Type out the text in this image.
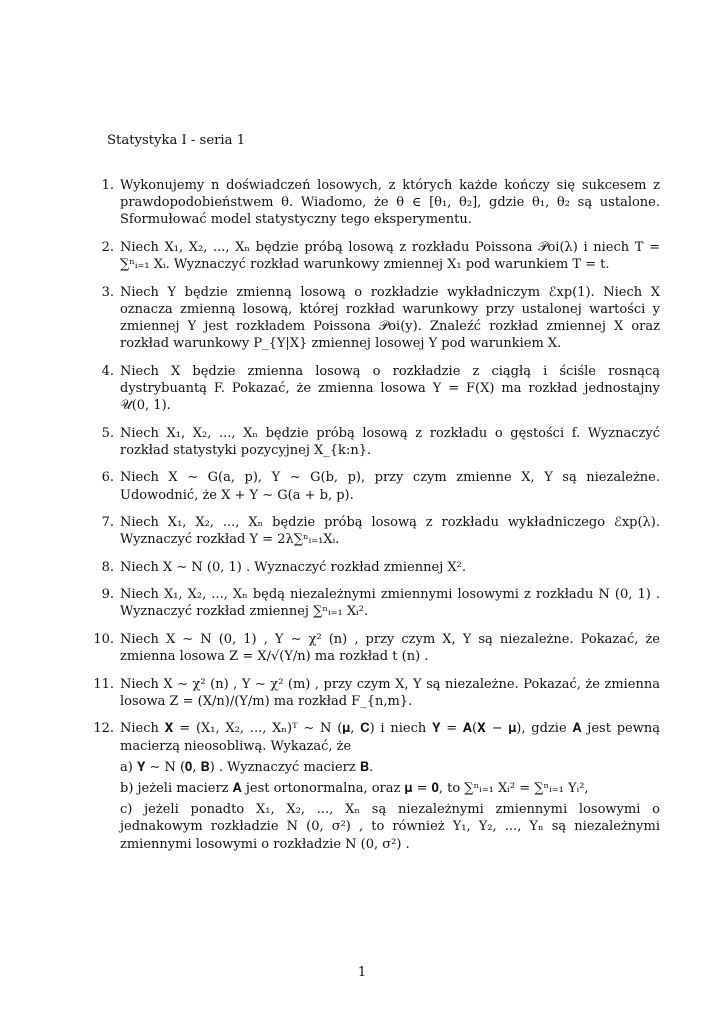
Statystyka I - seria 1
1. Wykonujemy n doświadczeń losowych, z których każde kończy się sukcesem z prawdopodobieństwem θ. Wiadomo, że θ ∈ [θ₁, θ₂], gdzie θ₁, θ₂ są ustalone. Sformułować model statystyczny tego eksperymentu.
2. Niech X₁, X₂, ..., Xₙ będzie próbą losową z rozkładu Poissona 𝒫oi(λ) i niech T = ∑ⁿᵢ₌₁ Xᵢ. Wyznaczyć rozkład warunkowy zmiennej X₁ pod warunkiem T = t.
3. Niech Y będzie zmienną losową o rozkładzie wykładniczym ℰxp(1). Niech X oznacza zmienną losową, której rozkład warunkowy przy ustalonej wartości y zmiennej Y jest rozkładem Poissona 𝒫oi(y). Znaleźć rozkład zmiennej X oraz rozkład warunkowy P_{Y|X} zmiennej losowej Y pod warunkiem X.
4. Niech X będzie zmienna losową o rozkładzie z ciągłą i ściśle rosnącą dystrybuantą F. Pokazać, że zmienna losowa Y = F(X) ma rozkład jednostajny 𝒰(0, 1).
5. Niech X₁, X₂, ..., Xₙ będzie próbą losową z rozkładu o gęstości f. Wyznaczyć rozkład statystyki pozycyjnej X_{k:n}.
6. Niech X ∼ G(a, p), Y ∼ G(b, p), przy czym zmienne X, Y są niezależne. Udowodnić, że X + Y ∼ G(a + b, p).
7. Niech X₁, X₂, ..., Xₙ będzie próbą losową z rozkładu wykładniczego ℰxp(λ). Wyznaczyć rozkład Y = 2λ∑ⁿᵢ₌₁Xᵢ.
8. Niech X ∼ N (0, 1) . Wyznaczyć rozkład zmiennej X².
9. Niech X₁, X₂, ..., Xₙ będą niezależnymi zmiennymi losowymi z rozkładu N (0, 1) . Wyznaczyć rozkład zmiennej ∑ⁿᵢ₌₁ Xᵢ².
10. Niech X ∼ N (0, 1) , Y ∼ χ² (n) , przy czym X, Y są niezależne. Pokazać, że zmienna losowa Z = X/√(Y/n) ma rozkład t (n) .
11. Niech X ∼ χ² (n) , Y ∼ χ² (m) , przy czym X, Y są niezależne. Pokazać, że zmienna losowa Z = (X/n)/(Y/m) ma rozkład F_{n,m}.
12. Niech 𝐗 = (X₁, X₂, ..., Xₙ)ᵀ ∼ N (𝛍, 𝐂) i niech 𝐘 = 𝐀(𝐗 − 𝛍), gdzie 𝐀 jest pewną macierzą nieosobliwą. Wykazać, że
a) 𝐘 ∼ N (𝟎, 𝐁) . Wyznaczyć macierz 𝐁.
b) jeżeli macierz 𝐀 jest ortonormalna, oraz 𝛍 = 𝟎, to ∑ⁿᵢ₌₁ Xᵢ² = ∑ⁿᵢ₌₁ Yᵢ²,
c) jeżeli ponadto X₁, X₂, ..., Xₙ są niezależnymi zmiennymi losowymi o jednakowym rozkładzie N (0, σ²) , to również Y₁, Y₂, ..., Yₙ są niezależnymi zmiennymi losowymi o rozkładzie N (0, σ²) .
1
